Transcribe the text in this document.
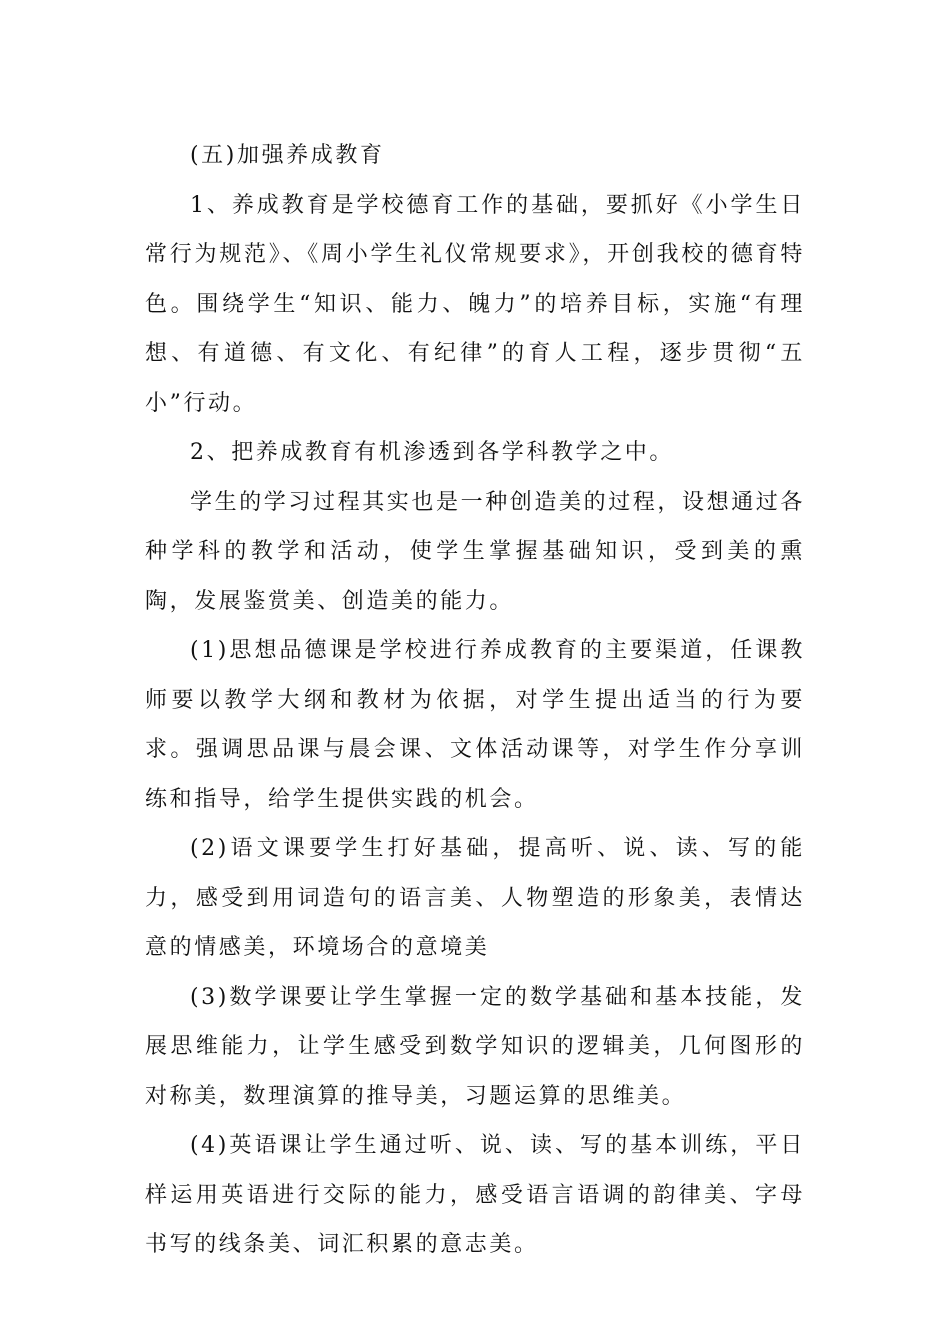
(五)加强养成教育

1、养成教育是学校德育工作的基础，要抓好《小学生日常行为规范》、《周小学生礼仪常规要求》，开创我校的德育特色。围绕学生“知识、能力、魄力”的培养目标，实施“有理想、有道德、有文化、有纪律”的育人工程，逐步贯彻“五小”行动。

2、把养成教育有机渗透到各学科教学之中。

学生的学习过程其实也是一种创造美的过程，设想通过各种学科的教学和活动，使学生掌握基础知识，受到美的熏陶，发展鉴赏美、创造美的能力。

(1)思想品德课是学校进行养成教育的主要渠道，任课教师要以教学大纲和教材为依据，对学生提出适当的行为要求。强调思品课与晨会课、文体活动课等，对学生作分享训练和指导，给学生提供实践的机会。

(2)语文课要学生打好基础，提高听、说、读、写的能力，感受到用词造句的语言美、人物塑造的形象美，表情达意的情感美，环境场合的意境美

(3)数学课要让学生掌握一定的数学基础和基本技能，发展思维能力，让学生感受到数学知识的逻辑美，几何图形的对称美，数理演算的推导美，习题运算的思维美。

(4)英语课让学生通过听、说、读、写的基本训练，平日样运用英语进行交际的能力，感受语言语调的韵律美、字母书写的线条美、词汇积累的意志美。
